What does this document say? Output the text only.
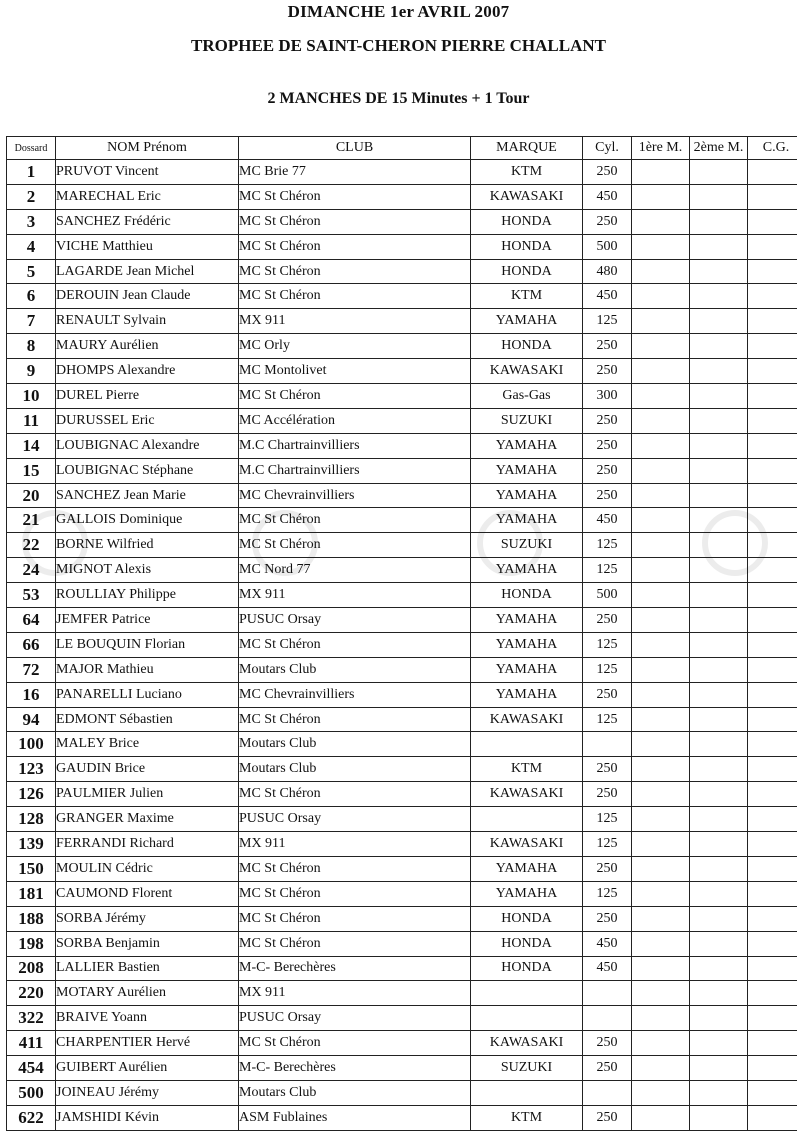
DIMANCHE 1er AVRIL 2007
TROPHEE DE SAINT-CHERON PIERRE CHALLANT
2 MANCHES DE 15 Minutes + 1 Tour
Dossard	NOM Prénom	CLUB	MARQUE	Cyl.	1ère M.	2ème M.	C.G.
1	PRUVOT Vincent	MC Brie 77	KTM	250			
2	MARECHAL Eric	MC St Chéron	KAWASAKI	450			
3	SANCHEZ Frédéric	MC St Chéron	HONDA	250			
4	VICHE Matthieu	MC St Chéron	HONDA	500			
5	LAGARDE Jean Michel	MC St Chéron	HONDA	480			
6	DEROUIN Jean Claude	MC St Chéron	KTM	450			
7	RENAULT Sylvain	MX 911	YAMAHA	125			
8	MAURY Aurélien	MC Orly	HONDA	250			
9	DHOMPS Alexandre	MC Montolivet	KAWASAKI	250			
10	DUREL Pierre	MC St Chéron	Gas-Gas	300			
11	DURUSSEL Eric	MC Accélération	SUZUKI	250			
14	LOUBIGNAC Alexandre	M.C Chartrainvilliers	YAMAHA	250			
15	LOUBIGNAC Stéphane	M.C Chartrainvilliers	YAMAHA	250			
20	SANCHEZ Jean Marie	MC Chevrainvilliers	YAMAHA	250			
21	GALLOIS Dominique	MC St Chéron	YAMAHA	450			
22	BORNE Wilfried	MC St Chéron	SUZUKI	125			
24	MIGNOT Alexis	MC Nord 77	YAMAHA	125			
53	ROULLIAY Philippe	MX 911	HONDA	500			
64	JEMFER Patrice	PUSUC Orsay	YAMAHA	250			
66	LE BOUQUIN Florian	MC St Chéron	YAMAHA	125			
72	MAJOR Mathieu	Moutars Club	YAMAHA	125			
16	PANARELLI Luciano	MC Chevrainvilliers	YAMAHA	250			
94	EDMONT Sébastien	MC St Chéron	KAWASAKI	125			
100	MALEY Brice	Moutars Club					
123	GAUDIN Brice	Moutars Club	KTM	250			
126	PAULMIER Julien	MC St Chéron	KAWASAKI	250			
128	GRANGER Maxime	PUSUC Orsay		125			
139	FERRANDI Richard	MX 911	KAWASAKI	125			
150	MOULIN Cédric	MC St Chéron	YAMAHA	250			
181	CAUMOND Florent	MC St Chéron	YAMAHA	125			
188	SORBA Jérémy	MC St Chéron	HONDA	250			
198	SORBA Benjamin	MC St Chéron	HONDA	450			
208	LALLIER Bastien	M-C- Berechères	HONDA	450			
220	MOTARY Aurélien	MX 911					
322	BRAIVE Yoann	PUSUC Orsay					
411	CHARPENTIER Hervé	MC St Chéron	KAWASAKI	250			
454	GUIBERT Aurélien	M-C- Berechères	SUZUKI	250			
500	JOINEAU Jérémy	Moutars Club					
622	JAMSHIDI Kévin	ASM Fublaines	KTM	250			
